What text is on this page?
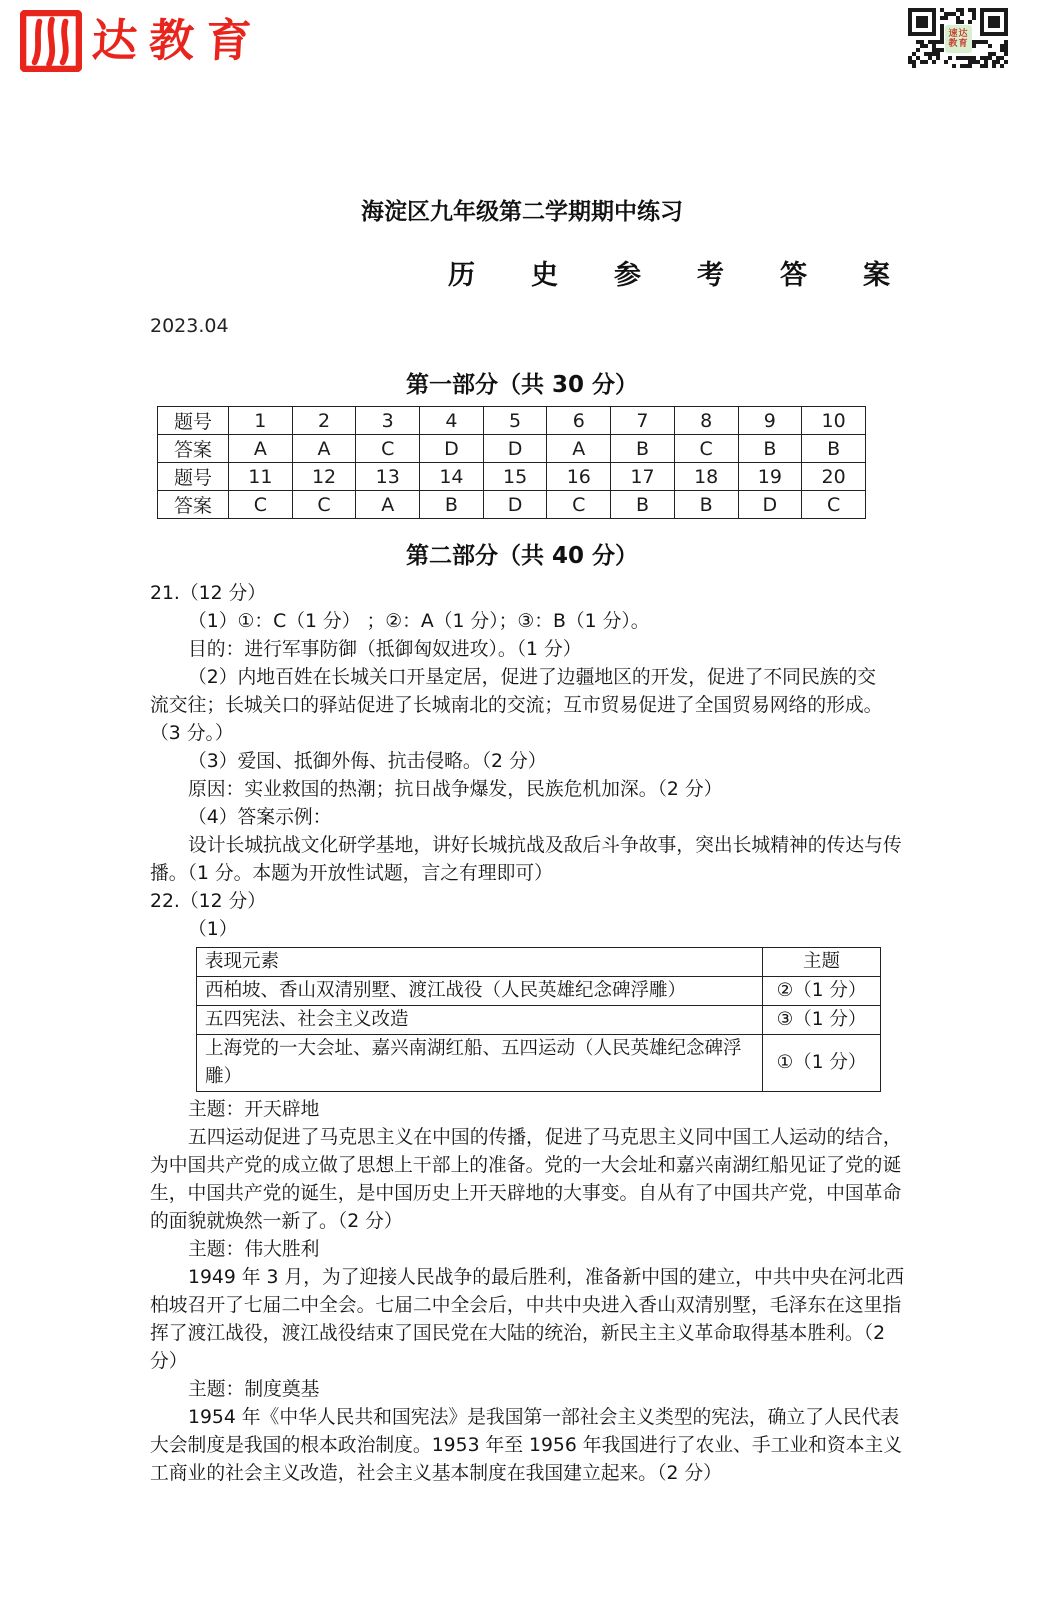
达教育	速达
教育
海淀区九年级第二学期期中练习
历 史 参 考 答 案
2023.04
第一部分（共 30 分）
题号	1	2	3	4	5	6	7	8	9	10
答案	A	A	C	D	D	A	B	C	B	B
题号	11	12	13	14	15	16	17	18	19	20
答案	C	C	A	B	D	C	B	B	D	C
第二部分（共 40 分）
21.（12 分）
（1）①：C（1 分） ；②：A（1 分）；③：B（1 分）。
目的：进行军事防御（抵御匈奴进攻）。（1 分）
（2）内地百姓在长城关口开垦定居，促进了边疆地区的开发，促进了不同民族的交
流交往；长城关口的驿站促进了长城南北的交流；互市贸易促进了全国贸易网络的形成。
（3 分。）
（3）爱国、抵御外侮、抗击侵略。（2 分）
原因：实业救国的热潮；抗日战争爆发，民族危机加深。（2 分）
（4）答案示例：
设计长城抗战文化研学基地，讲好长城抗战及敌后斗争故事，突出长城精神的传达与传
播。（1 分。本题为开放性试题，言之有理即可）
22.（12 分）
（1）
表现元素	主题
西柏坡、香山双清别墅、渡江战役（人民英雄纪念碑浮雕）	②（1 分）
五四宪法、社会主义改造	③（1 分）
上海党的一大会址、嘉兴南湖红船、五四运动（人民英雄纪念碑浮雕）	①（1 分）
主题：开天辟地
五四运动促进了马克思主义在中国的传播，促进了马克思主义同中国工人运动的结合，
为中国共产党的成立做了思想上干部上的准备。党的一大会址和嘉兴南湖红船见证了党的诞
生，中国共产党的诞生，是中国历史上开天辟地的大事变。自从有了中国共产党，中国革命
的面貌就焕然一新了。（2 分）
主题：伟大胜利
1949 年 3 月，为了迎接人民战争的最后胜利，准备新中国的建立，中共中央在河北西
柏坡召开了七届二中全会。七届二中全会后，中共中央进入香山双清别墅，毛泽东在这里指
挥了渡江战役，渡江战役结束了国民党在大陆的统治，新民主主义革命取得基本胜利。（2
分）
主题：制度奠基
1954 年《中华人民共和国宪法》是我国第一部社会主义类型的宪法，确立了人民代表
大会制度是我国的根本政治制度。1953 年至 1956 年我国进行了农业、手工业和资本主义
工商业的社会主义改造，社会主义基本制度在我国建立起来。（2 分）
